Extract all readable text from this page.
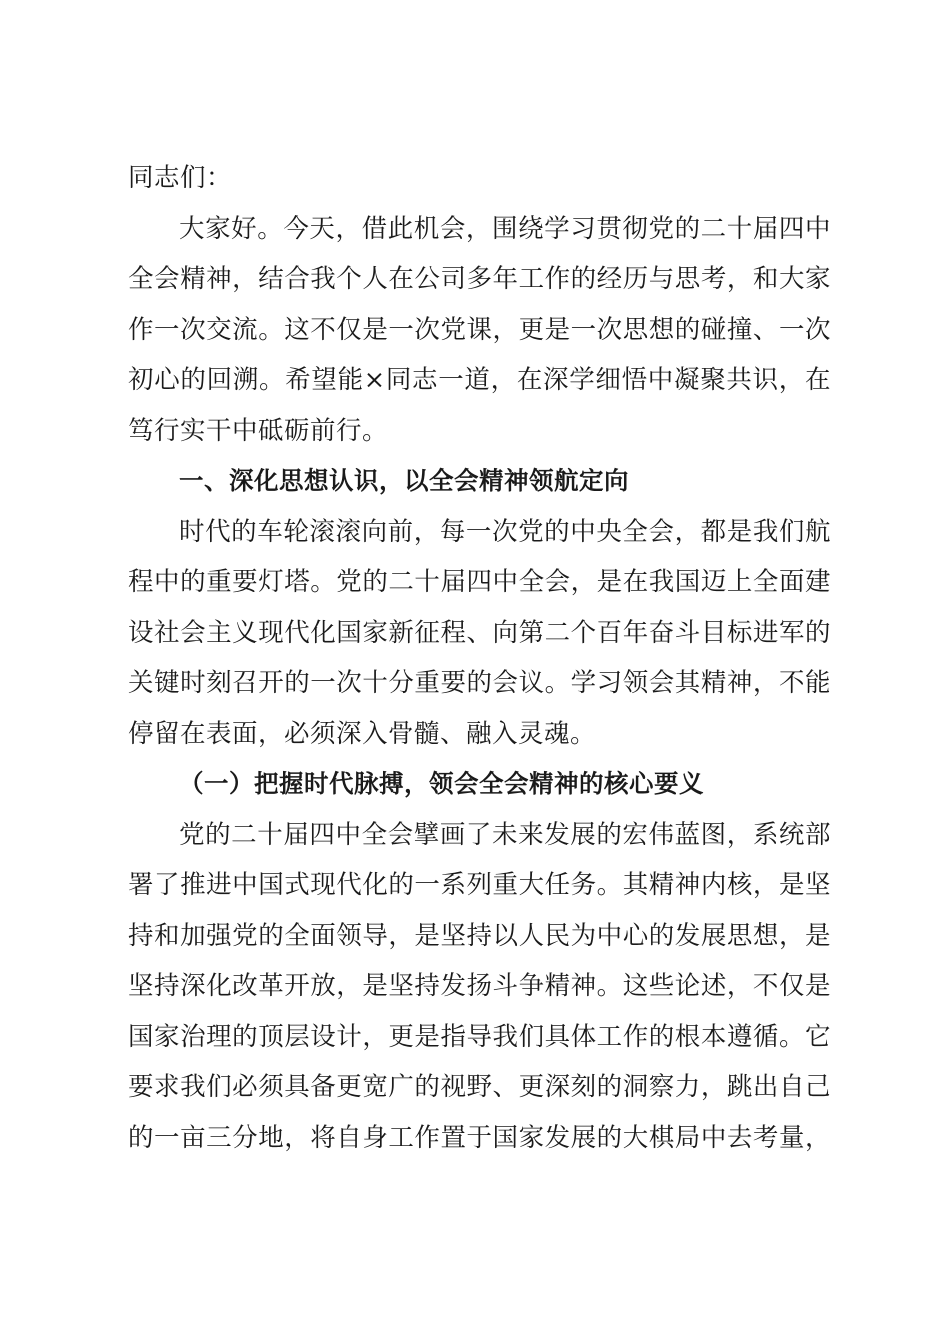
同志们：
大家好。今天，借此机会，围绕学习贯彻党的二十届四中
全会精神，结合我个人在公司多年工作的经历与思考，和大家
作一次交流。这不仅是一次党课，更是一次思想的碰撞、一次
初心的回溯。希望能×同志一道，在深学细悟中凝聚共识，在
笃行实干中砥砺前行。
一、深化思想认识，以全会精神领航定向
时代的车轮滚滚向前，每一次党的中央全会，都是我们航
程中的重要灯塔。党的二十届四中全会，是在我国迈上全面建
设社会主义现代化国家新征程、向第二个百年奋斗目标进军的
关键时刻召开的一次十分重要的会议。学习领会其精神，不能
停留在表面，必须深入骨髓、融入灵魂。
（一）把握时代脉搏，领会全会精神的核心要义
党的二十届四中全会擘画了未来发展的宏伟蓝图，系统部
署了推进中国式现代化的一系列重大任务。其精神内核，是坚
持和加强党的全面领导，是坚持以人民为中心的发展思想，是
坚持深化改革开放，是坚持发扬斗争精神。这些论述，不仅是
国家治理的顶层设计，更是指导我们具体工作的根本遵循。它
要求我们必须具备更宽广的视野、更深刻的洞察力，跳出自己
的一亩三分地，将自身工作置于国家发展的大棋局中去考量，
